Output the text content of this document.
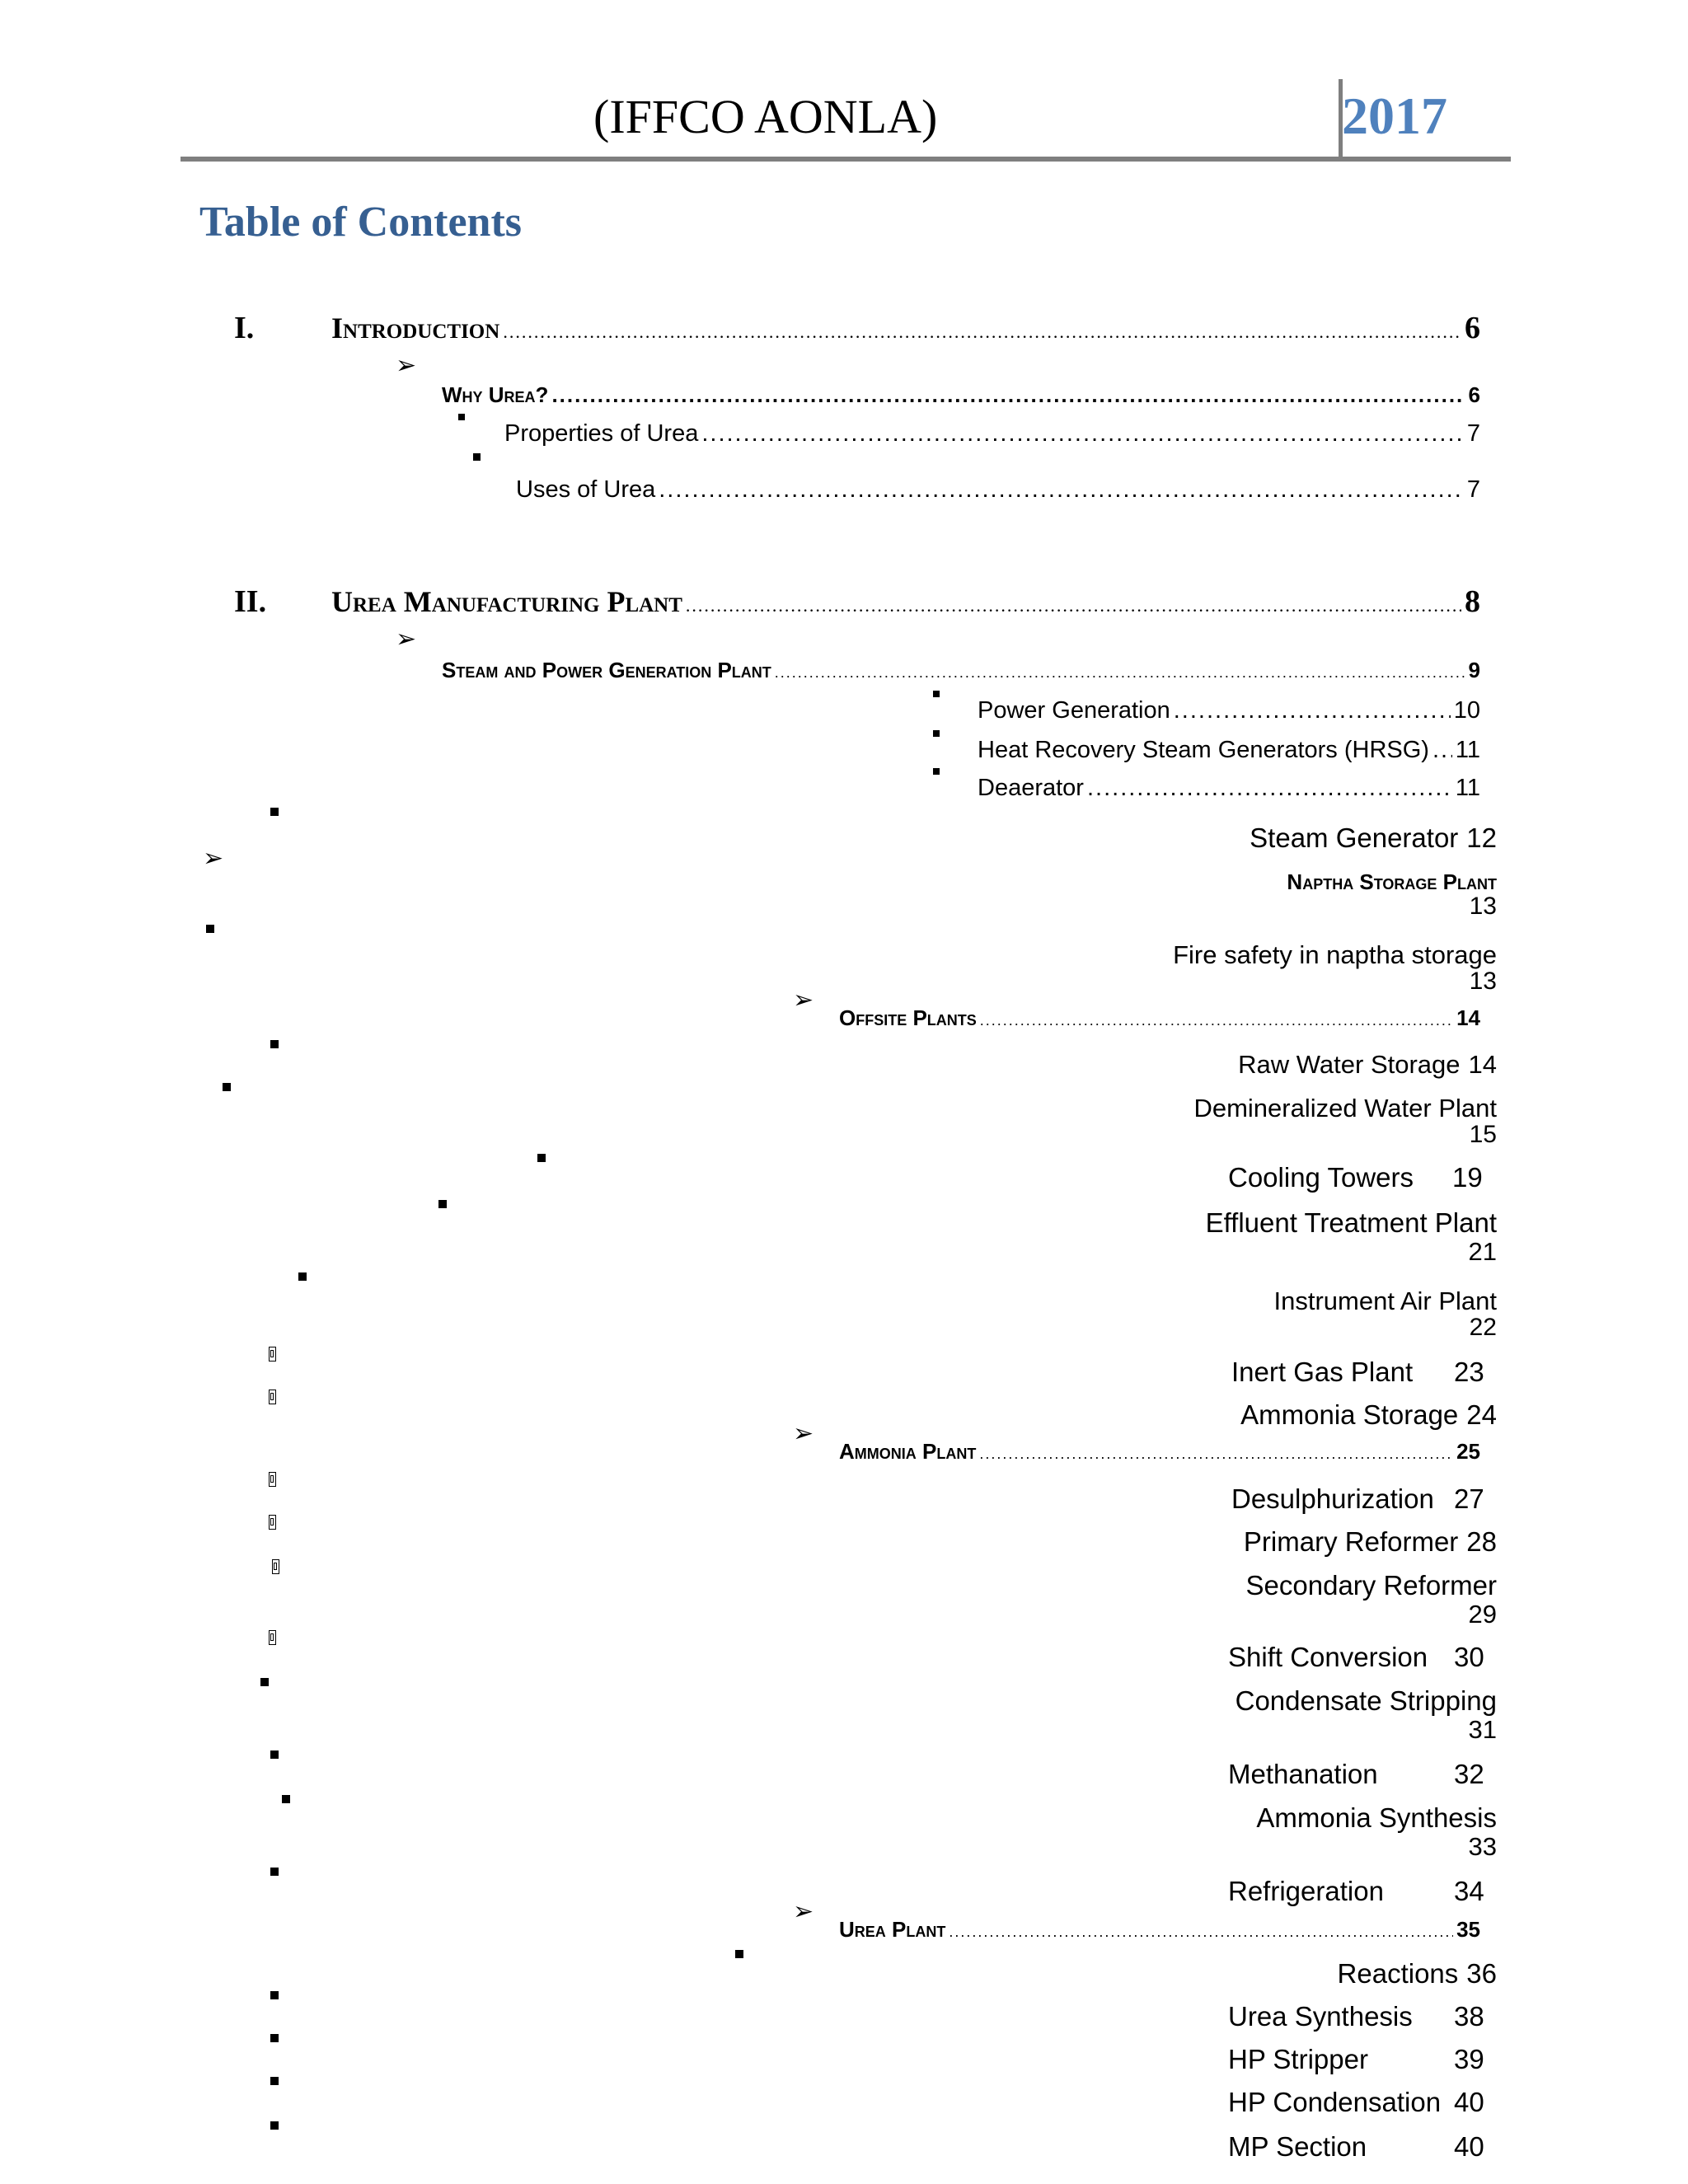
(IFFCO AONLA)	2017
Table of Contents
I.	Introduction .....	6
➢
Why Urea? .....	6
Properties of Urea .....	7
Uses of Urea .....	7
II. Urea Manufacturing Plant .....	8
➢
Steam and Power Generation Plant .....	9
Power Generation .....	10
Heat Recovery Steam Generators (HRSG) ..... 11
Deaerator .....	11
Steam Generator 12
➢
Naptha Storage Plant
13
Fire safety in naptha storage
13
➢
Offsite Plants .....	14
Raw Water Storage 14
Demineralized Water Plant
15
Cooling Towers 19
Effluent Treatment Plant
21
Instrument Air Plant
22
Inert Gas Plant 23
Ammonia Storage 24
➢
Ammonia Plant .....	25
Desulphurization 27
Primary Reformer 28
Secondary Reformer
29
Shift Conversion 30
Condensate Stripping
31
Methanation	32
Ammonia Synthesis
33
Refrigeration	34
➢
Urea Plant .....	35
Reactions 36
Urea Synthesis 38
HP Stripper	39
HP Condensation 40
MP Section	40
